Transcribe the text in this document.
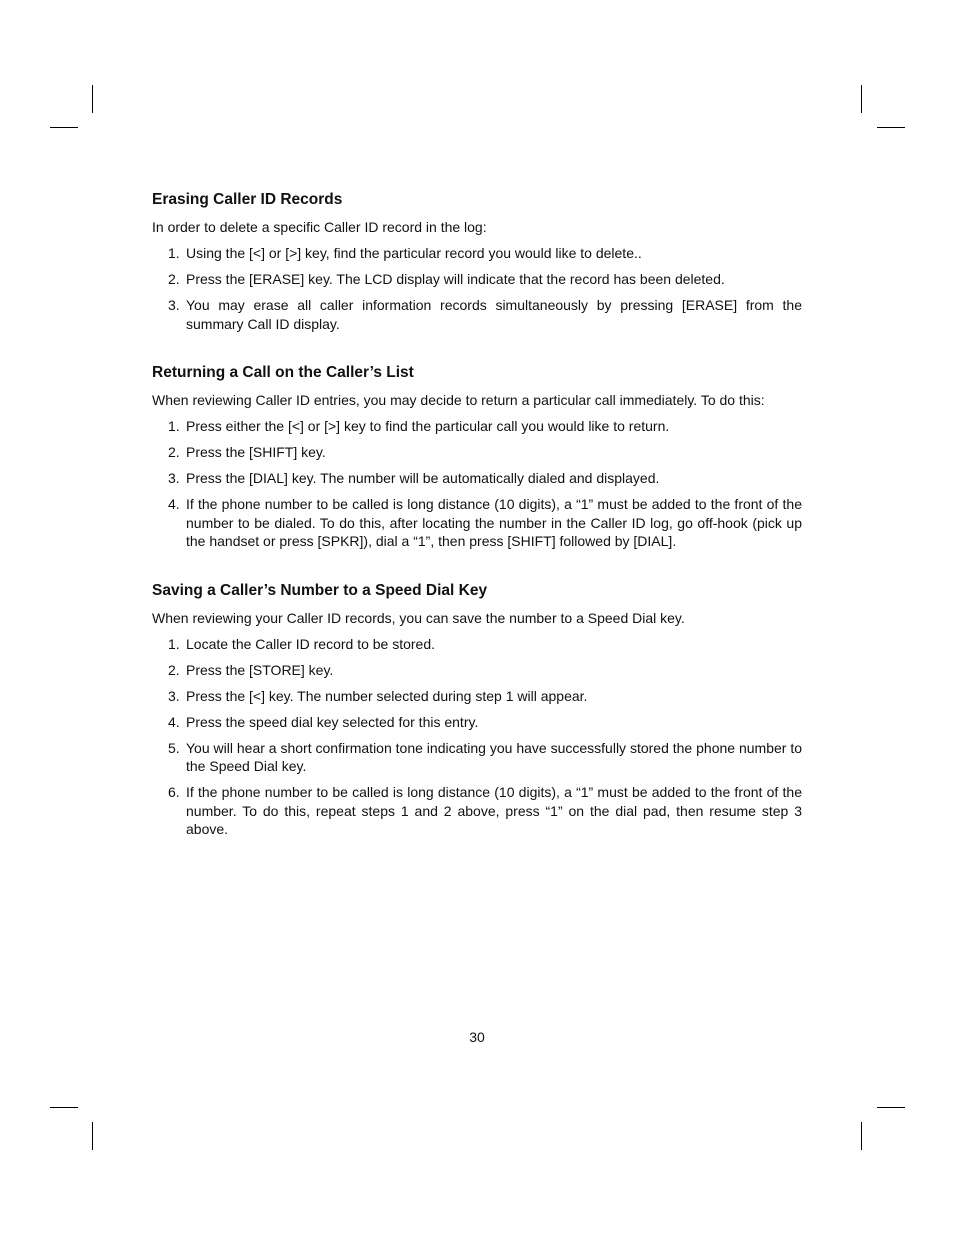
Erasing Caller ID Records

In order to delete a specific Caller ID record in the log:

1. Using the [<] or [>] key, find the particular record you would like to delete..
2. Press the [ERASE] key. The LCD display will indicate that the record has been deleted.
3. You may erase all caller information records simultaneously by pressing [ERASE] from the summary Call ID display.
Returning a Call on the Caller’s List

When reviewing Caller ID entries, you may decide to return a particular call immediately. To do this:

1. Press either the [<] or [>] key to find the particular call you would like to return.
2. Press the [SHIFT] key.
3. Press the [DIAL] key. The number will be automatically dialed and displayed.
4. If the phone number to be called is long distance (10 digits), a “1” must be added to the front of the number to be dialed. To do this, after locating the number in the Caller ID log, go off-hook (pick up the handset or press [SPKR]), dial a “1”, then press [SHIFT] followed by [DIAL].
Saving a Caller’s Number to a Speed Dial Key

When reviewing your Caller ID records, you can save the number to a Speed Dial key.

1. Locate the Caller ID record to be stored.
2. Press the [STORE] key.
3. Press the [<] key. The number selected during step 1 will appear.
4. Press the speed dial key selected for this entry.
5. You will hear a short confirmation tone indicating you have successfully stored the phone number to the Speed Dial key.
6. If the phone number to be called is long distance (10 digits), a “1” must be added to the front of the number. To do this, repeat steps 1 and 2 above, press “1” on the dial pad, then resume step 3 above.
30
